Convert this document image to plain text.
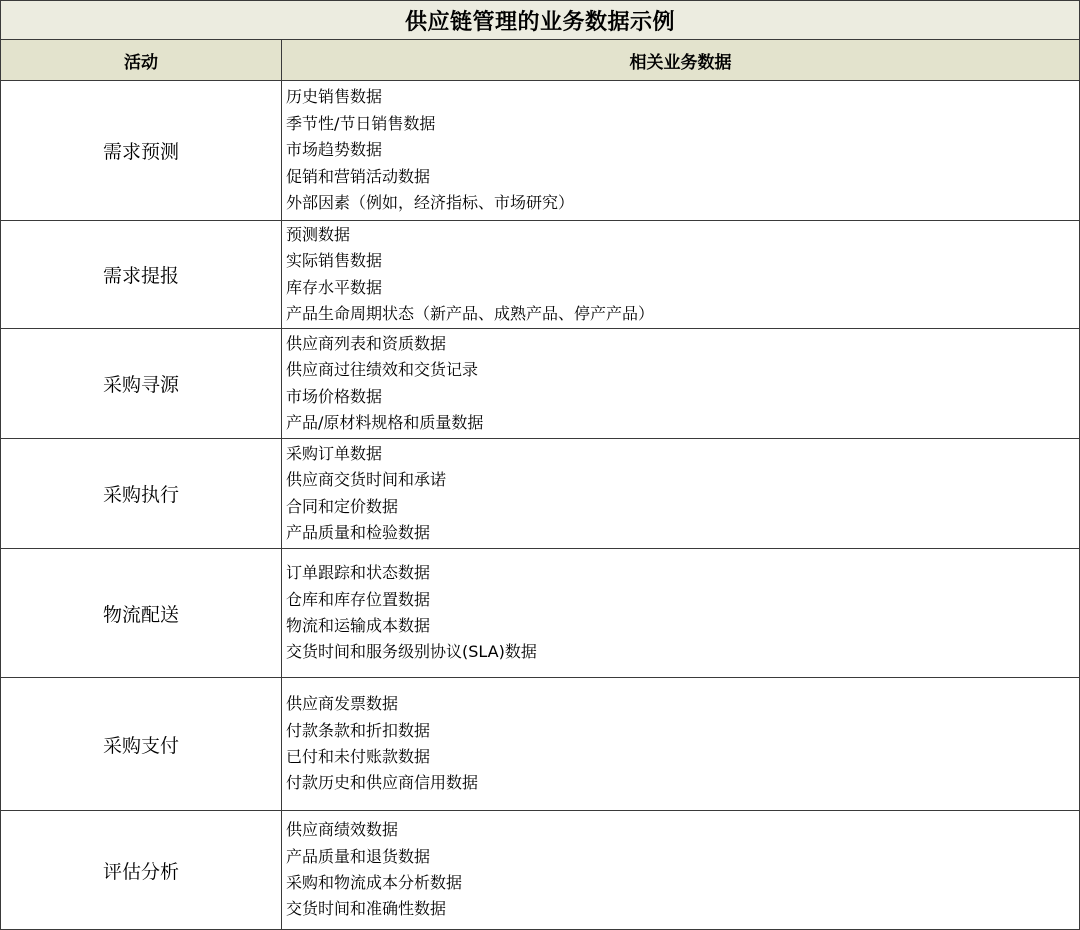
供应链管理的业务数据示例	
活动	相关业务数据
需求预测	历史销售数据
季节性/节日销售数据
市场趋势数据
促销和营销活动数据
外部因素（例如，经济指标、市场研究）

需求提报	预测数据
实际销售数据
库存水平数据
产品生命周期状态（新产品、成熟产品、停产产品）

采购寻源	供应商列表和资质数据
供应商过往绩效和交货记录
市场价格数据
产品/原材料规格和质量数据

采购执行	采购订单数据
供应商交货时间和承诺
合同和定价数据
产品质量和检验数据

物流配送	订单跟踪和状态数据
仓库和库存位置数据
物流和运输成本数据
交货时间和服务级别协议(SLA)数据

采购支付	供应商发票数据
付款条款和折扣数据
已付和未付账款数据
付款历史和供应商信用数据

评估分析	供应商绩效数据
产品质量和退货数据
采购和物流成本分析数据
交货时间和准确性数据
